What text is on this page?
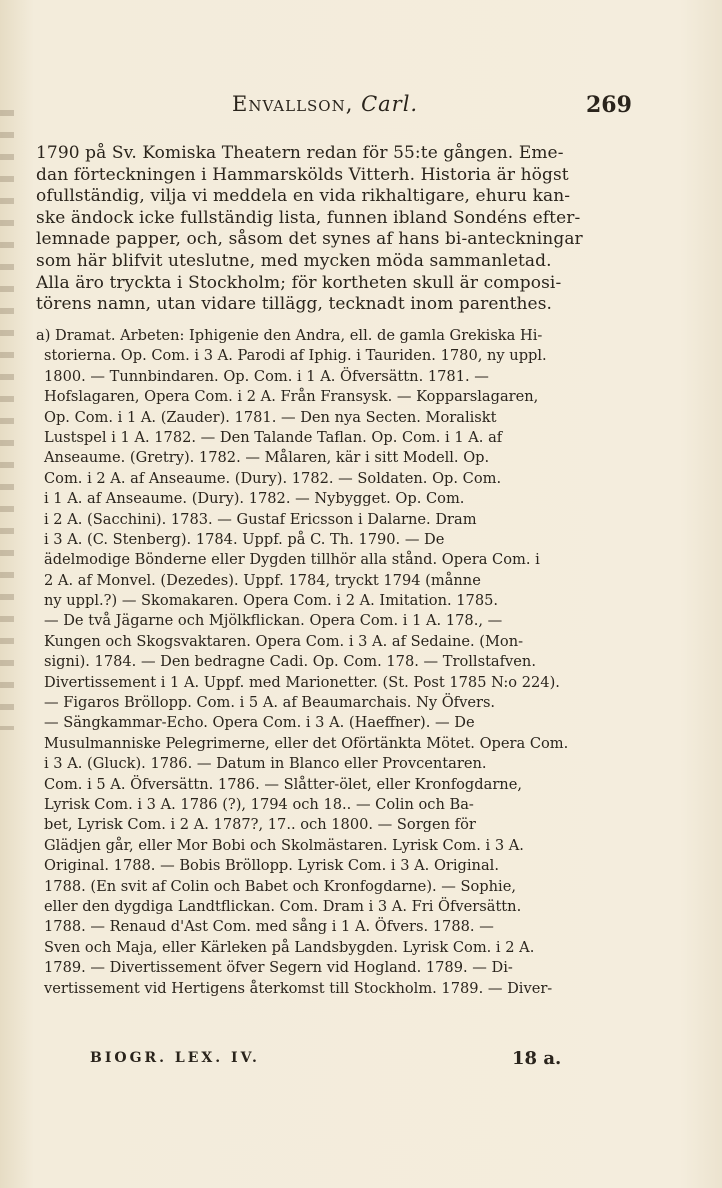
Envallson, Carl.	269
1790 på Sv. Komiska Theatern redan för 55:te gången. Eme-
dan förteckningen i Hammarskölds Vitterh. Historia är högst
ofullständig, vilja vi meddela en vida rikhaltigare, ehuru kan-
ske ändock icke fullständig lista, funnen ibland Sondéns efter-
lemnade papper, och, såsom det synes af hans bi-anteckningar
som här blifvit uteslutne, med mycken möda sammanletad.
Alla äro tryckta i Stockholm; för kortheten skull är composi-
törens namn, utan vidare tillägg, tecknadt inom parenthes.
a) Dramat. Arbeten: Iphigenie den Andra, ell. de gamla Grekiska Hi-
storierna. Op. Com. i 3 A. Parodi af Iphig. i Tauriden. 1780, ny uppl.
1800. — Tunnbindaren. Op. Com. i 1 A. Öfversättn. 1781. —
Hofslagaren, Opera Com. i 2 A. Från Fransysk. — Kopparslagaren,
Op. Com. i 1 A. (Zauder). 1781. — Den nya Secten. Moraliskt
Lustspel i 1 A. 1782. — Den Talande Taflan. Op. Com. i 1 A. af
Anseaume. (Gretry). 1782. — Målaren, kär i sitt Modell. Op.
Com. i 2 A. af Anseaume. (Dury). 1782. — Soldaten. Op. Com.
i 1 A. af Anseaume. (Dury). 1782. — Nybygget. Op. Com.
i 2 A. (Sacchini). 1783. — Gustaf Ericsson i Dalarne. Dram
i 3 A. (C. Stenberg). 1784. Uppf. på C. Th. 1790. — De
ädelmodige Bönderne eller Dygden tillhör alla stånd. Opera Com. i
2 A. af Monvel. (Dezedes). Uppf. 1784, tryckt 1794 (månne
ny uppl.?) — Skomakaren. Opera Com. i 2 A. Imitation. 1785.
— De två Jägarne och Mjölkflickan. Opera Com. i 1 A. 178., —
Kungen och Skogsvaktaren. Opera Com. i 3 A. af Sedaine. (Mon-
signi). 1784. — Den bedragne Cadi. Op. Com. 178. — Trollstafven.
Divertissement i 1 A. Uppf. med Marionetter. (St. Post 1785 N:o 224).
— Figaros Bröllopp. Com. i 5 A. af Beaumarchais. Ny Öfvers.
— Sängkammar-Echo. Opera Com. i 3 A. (Haeffner). — De
Musulmanniske Pelegrimerne, eller det Oförtänkta Mötet. Opera Com.
i 3 A. (Gluck). 1786. — Datum in Blanco eller Provcentaren.
Com. i 5 A. Öfversättn. 1786. — Slåtter-ölet, eller Kronfogdarne,
Lyrisk Com. i 3 A. 1786 (?), 1794 och 18.. — Colin och Ba-
bet, Lyrisk Com. i 2 A. 1787?, 17.. och 1800. — Sorgen för
Glädjen går, eller Mor Bobi och Skolmästaren. Lyrisk Com. i 3 A.
Original. 1788. — Bobis Bröllopp. Lyrisk Com. i 3 A. Original.
1788. (En svit af Colin och Babet och Kronfogdarne). — Sophie,
eller den dygdiga Landtflickan. Com. Dram i 3 A. Fri Öfversättn.
1788. — Renaud d'Ast Com. med sång i 1 A. Öfvers. 1788. —
Sven och Maja, eller Kärleken på Landsbygden. Lyrisk Com. i 2 A.
1789. — Divertissement öfver Segern vid Hogland. 1789. — Di-
vertissement vid Hertigens återkomst till Stockholm. 1789. — Diver-
BIOGR. LEX. IV.	18 a.
